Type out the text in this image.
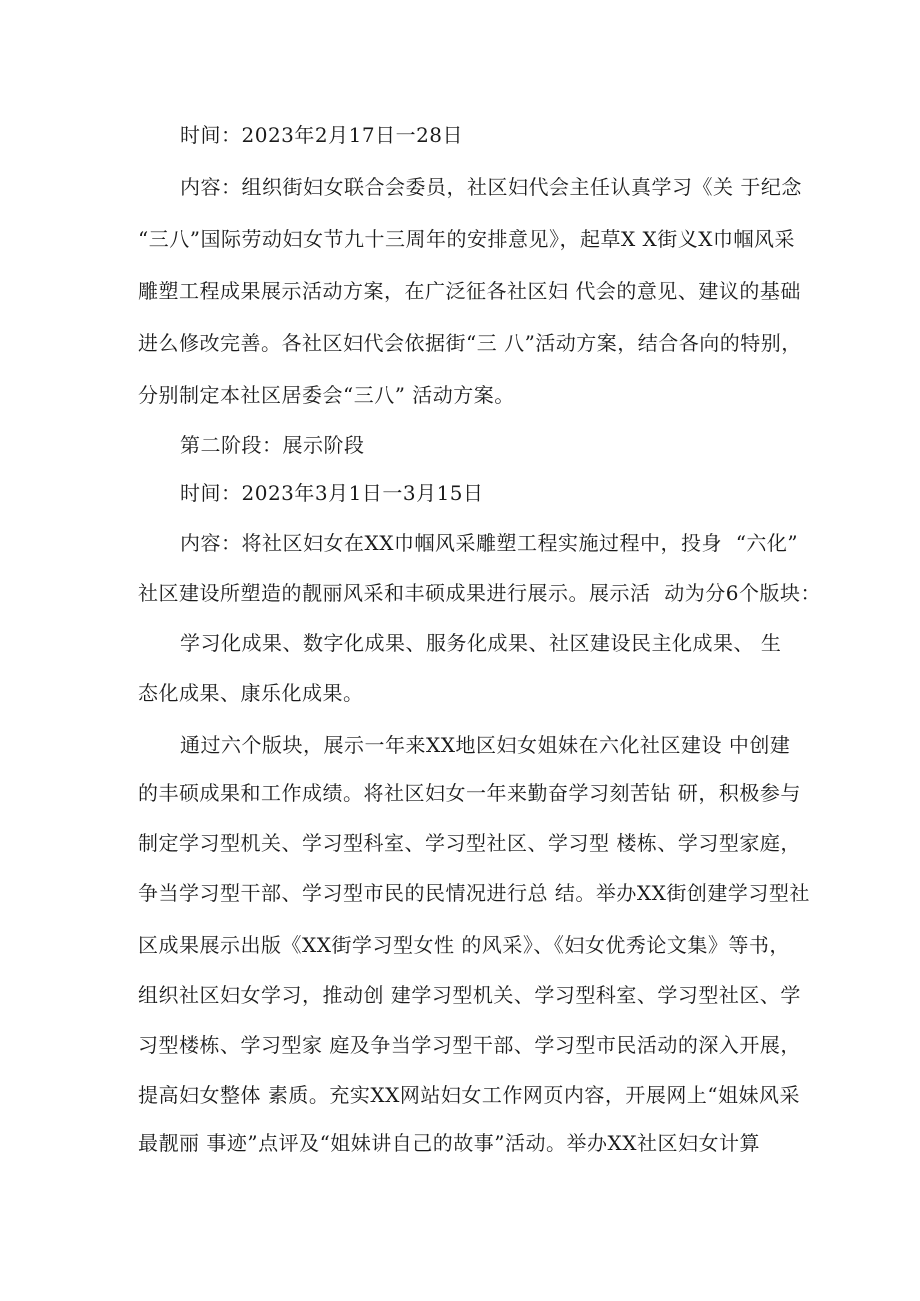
时间：2023年2月17日一28日
内容：组织街妇女联合会委员，社区妇代会主任认真学习《关 于纪念
“三八”国际劳动妇女节九十三周年的安排意见》，起草X X街义X巾帼风采
雕塑工程成果展示活动方案，在广泛征各社区妇 代会的意见、建议的基础
进么修改完善。各社区妇代会依据街“三 八”活动方案，结合各向的特别，
分别制定本社区居委会“三八” 活动方案。
第二阶段：展示阶段
时间：2023年3月1日一3月15日
内容：将社区妇女在XX巾帼风采雕塑工程实施过程中，投身  “六化”
社区建设所塑造的靓丽风采和丰硕成果进行展示。展示活  动为分6个版块：
学习化成果、数字化成果、服务化成果、社区建设民主化成果、 生
态化成果、康乐化成果。
通过六个版块，展示一年来XX地区妇女姐妹在六化社区建设 中创建
的丰硕成果和工作成绩。将社区妇女一年来勤奋学习刻苦钻 研，积极参与
制定学习型机关、学习型科室、学习型社区、学习型 楼栋、学习型家庭，
争当学习型干部、学习型市民的民情况进行总 结。举办XX街创建学习型社
区成果展示出版《XX街学习型女性 的风采》、《妇女优秀论文集》等书，
组织社区妇女学习，推动创 建学习型机关、学习型科室、学习型社区、学
习型楼栋、学习型家 庭及争当学习型干部、学习型市民活动的深入开展，
提高妇女整体 素质。充实XX网站妇女工作网页内容，开展网上“姐妹风采
最靓丽 事迹”点评及“姐妹讲自己的故事”活动。举办XX社区妇女计算
